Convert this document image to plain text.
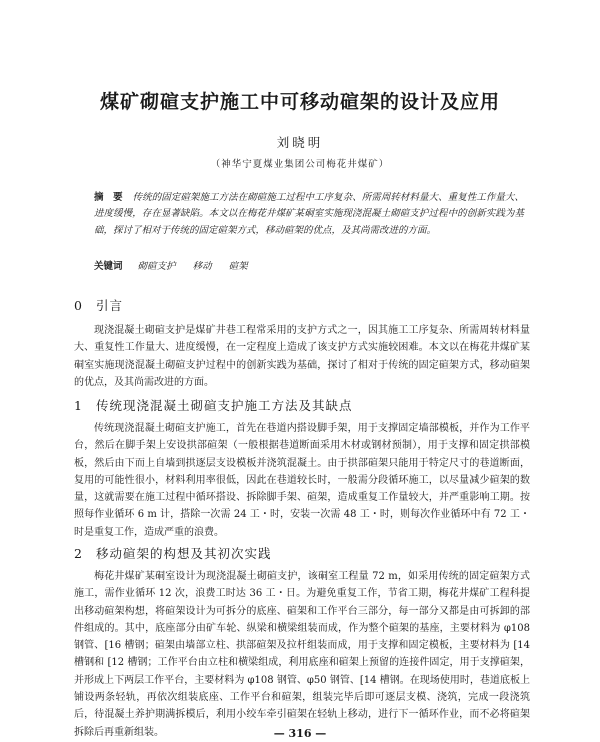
煤矿砌碹支护施工中可移动碹架的设计及应用
刘晓明
（神华宁夏煤业集团公司梅花井煤矿）
摘　要 传统的固定碹架施工方法在砌碹施工过程中工序复杂、所需周转材料量大、重复性工作量大、进度缓慢，存在显著缺陷。本文以在梅花井煤矿某硐室实施现浇混凝土砌碹支护过程中的创新实践为基础，探讨了相对于传统的固定碹架方式，移动碹架的优点，及其尚需改进的方面。
关键词 砌碹支护 移动 碹架
0 引言
现浇混凝土砌碹支护是煤矿井巷工程常采用的支护方式之一，因其施工工序复杂、所需周转材料量大、重复性工作量大、进度缓慢，在一定程度上造成了该支护方式实施较困难。本文以在梅花井煤矿某硐室实施现浇混凝土砌碹支护过程中的创新实践为基础，探讨了相对于传统的固定碹架方式，移动碹架的优点，及其尚需改进的方面。
1 传统现浇混凝土砌碹支护施工方法及其缺点
传统现浇混凝土砌碹支护施工，首先在巷道内搭设脚手架，用于支撑固定墙部模板，并作为工作平台，然后在脚手架上安设拱部碹架（一般根据巷道断面采用木材或钢材预制），用于支撑和固定拱部模板，然后由下而上自墙到拱逐层支设模板并浇筑混凝土。由于拱部碹架只能用于特定尺寸的巷道断面，复用的可能性很小，材料利用率很低，因此在巷道较长时，一般需分段循环施工，以尽量减少碹架的数量，这就需要在施工过程中循环搭设、拆除脚手架、碹架，造成重复工作量较大，并严重影响工期。按照每作业循环 6 m 计，搭除一次需 24 工・时，安装一次需 48 工・时，则每次作业循环中有 72 工・时是重复工作，造成严重的浪费。
2 移动碹架的构想及其初次实践
梅花井煤矿某硐室设计为现浇混凝土砌碹支护，该硐室工程量 72 m，如采用传统的固定碹架方式施工，需作业循环 12 次，浪费工时达 36 工・日。为避免重复工作，节省工期，梅花井煤矿工程科提出移动碹架构想，将碹架设计为可拆分的底座、碹架和工作平台三部分，每一部分又都是由可拆卸的部件组成的。其中，底座部分由矿车轮、纵梁和横梁组装而成，作为整个碹架的基座，主要材料为 φ108 钢管、[16 槽钢；碹架由墙部立柱、拱部碹架及拉杆组装而成，用于支撑和固定模板，主要材料为 [14 槽钢和 [12 槽钢；工作平台由立柱和横梁组成，利用底座和碹架上预留的连接件固定，用于支撑碹架，并形成上下两层工作平台，主要材料为 φ108 钢管、φ50 钢管、[14 槽钢。在现场使用时，巷道底板上铺设两条轻轨，再依次组装底座、工作平台和碹架，组装完毕后即可逐层支模、浇筑，完成一段浇筑后，待混凝土养护期满拆模后，利用小绞车牵引碹架在轻轨上移动，进行下一循环作业，而不必将碹架拆除后再重新组装。	— 316 —
